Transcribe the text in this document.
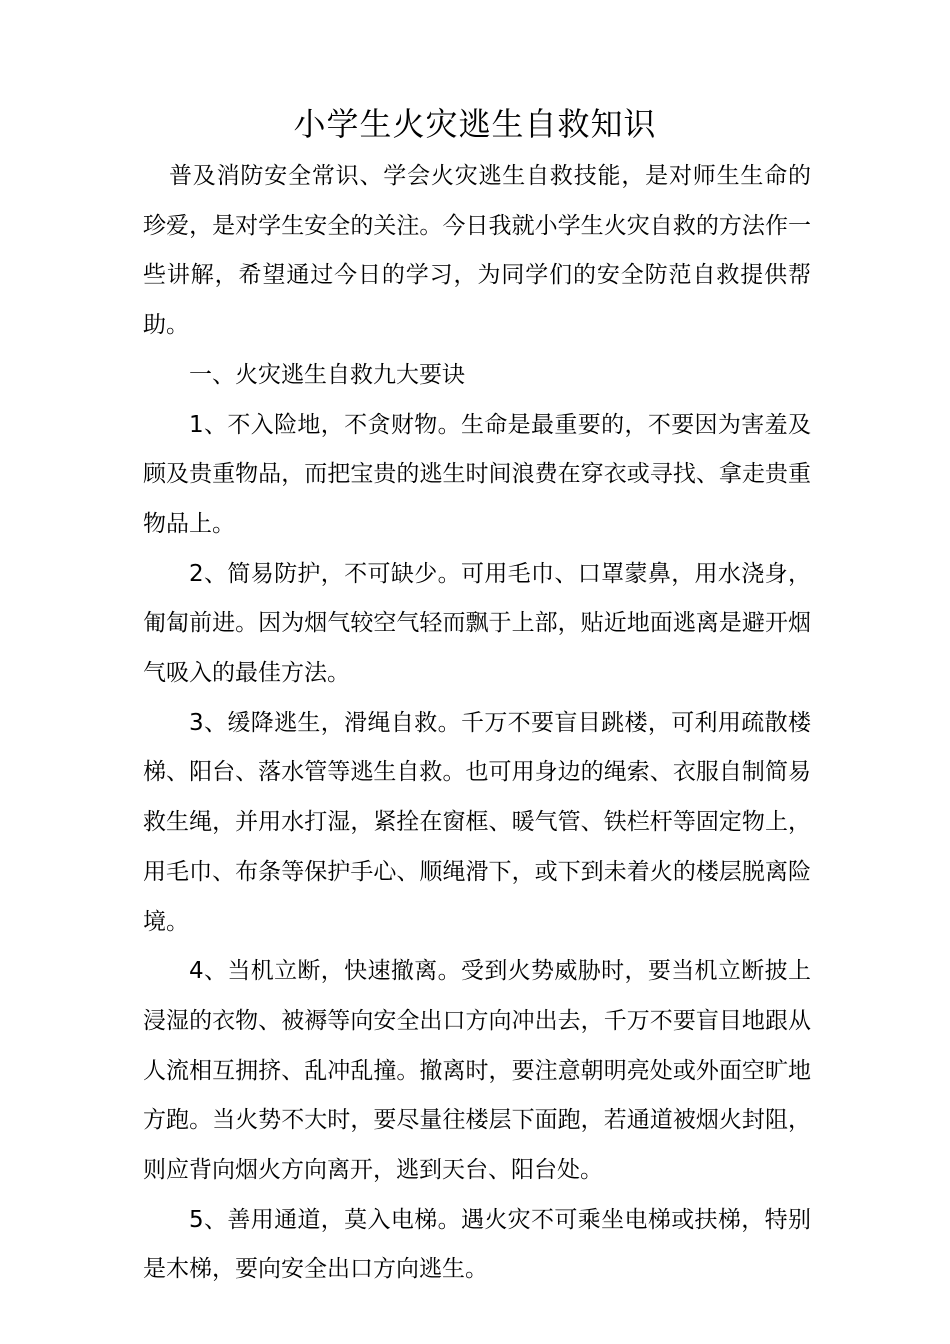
小学生火灾逃生自救知识

普及消防安全常识、学会火灾逃生自救技能，是对师生生命的珍爱，是对学生安全的关注。今日我就小学生火灾自救的方法作一些讲解，希望通过今日的学习，为同学们的安全防范自救提供帮助。

一、火灾逃生自救九大要诀

1、不入险地，不贪财物。生命是最重要的，不要因为害羞及顾及贵重物品，而把宝贵的逃生时间浪费在穿衣或寻找、拿走贵重物品上。

2、简易防护，不可缺少。可用毛巾、口罩蒙鼻，用水浇身，匍匐前进。因为烟气较空气轻而飘于上部，贴近地面逃离是避开烟气吸入的最佳方法。

3、缓降逃生，滑绳自救。千万不要盲目跳楼，可利用疏散楼梯、阳台、落水管等逃生自救。也可用身边的绳索、衣服自制简易救生绳，并用水打湿，紧拴在窗框、暖气管、铁栏杆等固定物上，用毛巾、布条等保护手心、顺绳滑下，或下到未着火的楼层脱离险境。

4、当机立断，快速撤离。受到火势威胁时，要当机立断披上浸湿的衣物、被褥等向安全出口方向冲出去，千万不要盲目地跟从人流相互拥挤、乱冲乱撞。撤离时，要注意朝明亮处或外面空旷地方跑。当火势不大时，要尽量往楼层下面跑，若通道被烟火封阻，则应背向烟火方向离开，逃到天台、阳台处。

5、善用通道，莫入电梯。遇火灾不可乘坐电梯或扶梯，特别是木梯，要向安全出口方向逃生。
